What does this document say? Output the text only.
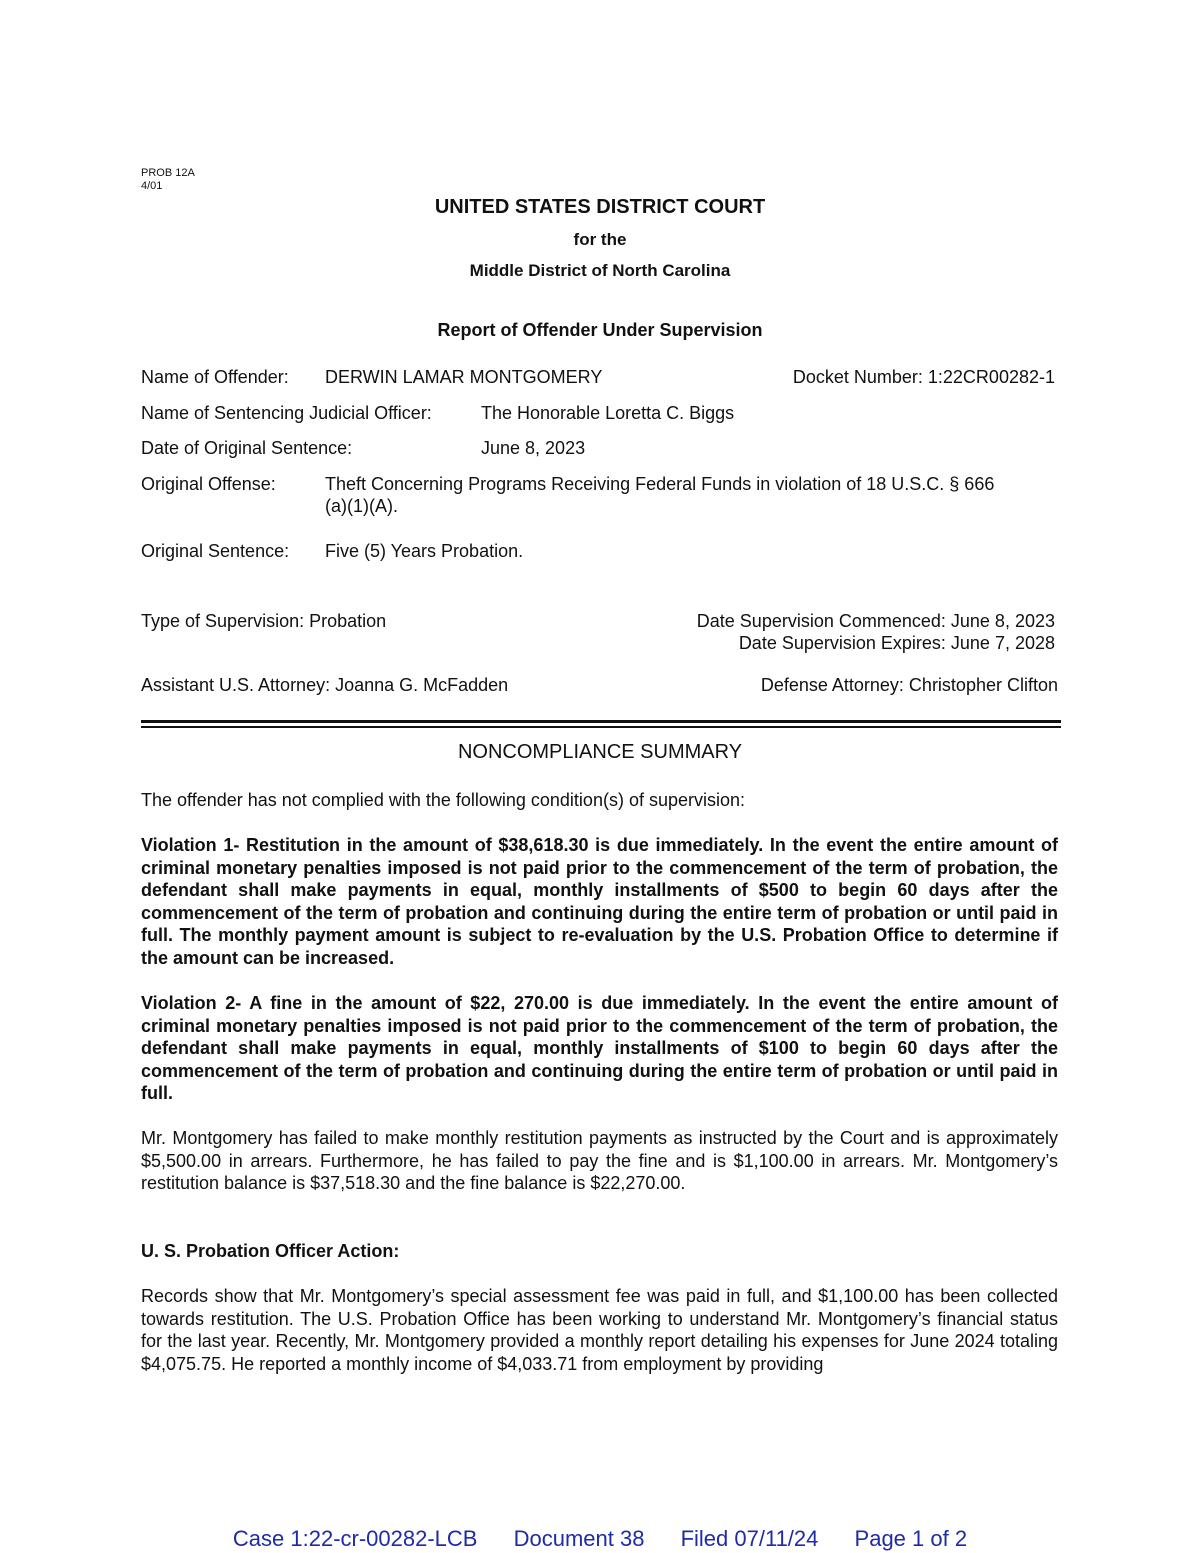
PROB 12A
4/01
UNITED STATES DISTRICT COURT
for the
Middle District of North Carolina
Report of Offender Under Supervision
Name of Offender: DERWIN LAMAR MONTGOMERY	Docket Number: 1:22CR00282-1
Name of Sentencing Judicial Officer:	The Honorable Loretta C. Biggs
Date of Original Sentence:	June 8, 2023
Original Offense:	Theft Concerning Programs Receiving Federal Funds in violation of 18 U.S.C. § 666
(a)(1)(A).
Original Sentence: Five (5) Years Probation.
Type of Supervision: Probation	Date Supervision Commenced: June 8, 2023
Date Supervision Expires: June 7, 2028
Assistant U.S. Attorney: Joanna G. McFadden	Defense Attorney: Christopher Clifton
NONCOMPLIANCE SUMMARY
The offender has not complied with the following condition(s) of supervision:
Violation 1- Restitution in the amount of $38,618.30 is due immediately. In the event the entire amount of criminal monetary penalties imposed is not paid prior to the commencement of the term of probation, the defendant shall make payments in equal, monthly installments of $500 to begin 60 days after the commencement of the term of probation and continuing during the entire term of probation or until paid in full. The monthly payment amount is subject to re-evaluation by the U.S. Probation Office to determine if the amount can be increased.
Violation 2- A fine in the amount of $22, 270.00 is due immediately. In the event the entire amount of criminal monetary penalties imposed is not paid prior to the commencement of the term of probation, the defendant shall make payments in equal, monthly installments of $100 to begin 60 days after the commencement of the term of probation and continuing during the entire term of probation or until paid in full.
Mr. Montgomery has failed to make monthly restitution payments as instructed by the Court and is approximately $5,500.00 in arrears. Furthermore, he has failed to pay the fine and is $1,100.00 in arrears. Mr. Montgomery’s restitution balance is $37,518.30 and the fine balance is $22,270.00.
U. S. Probation Officer Action:
Records show that Mr. Montgomery’s special assessment fee was paid in full, and $1,100.00 has been collected towards restitution. The U.S. Probation Office has been working to understand Mr. Montgomery’s financial status for the last year. Recently, Mr. Montgomery provided a monthly report detailing his expenses for June 2024 totaling $4,075.75. He reported a monthly income of $4,033.71 from employment by providing
Case 1:22-cr-00282-LCB Document 38 Filed 07/11/24 Page 1 of 2
